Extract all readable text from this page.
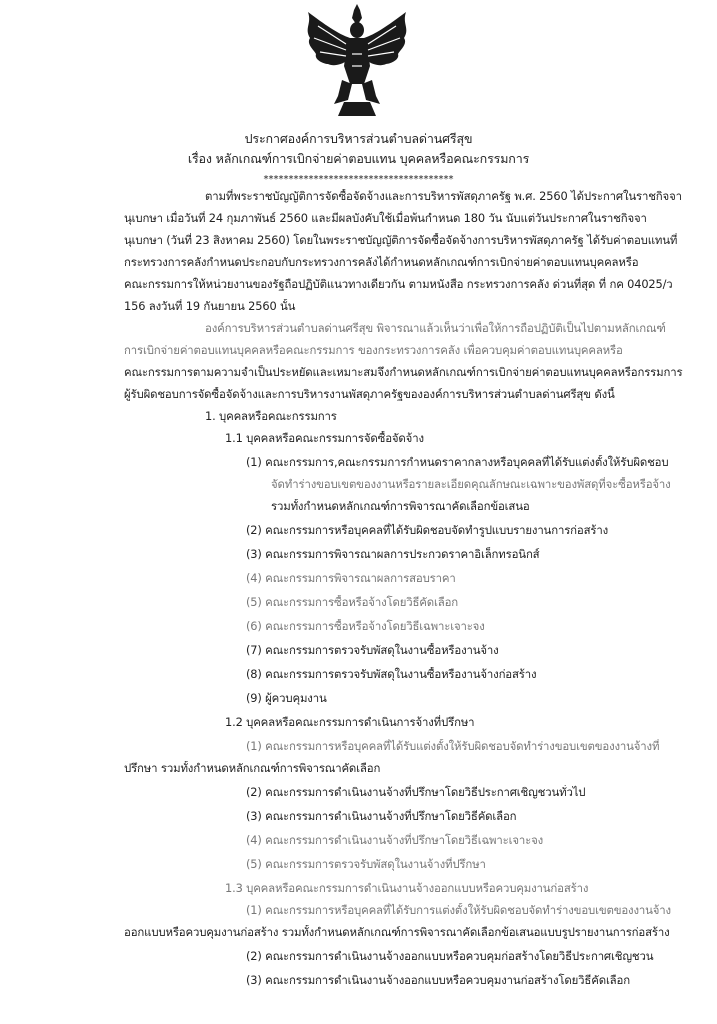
ประกาศองค์การบริหารส่วนตำบลด่านศรีสุข
เรื่อง หลักเกณฑ์การเบิกจ่ายค่าตอบแทน บุคคลหรือคณะกรรมการ
**************************************
ตามที่พระราชบัญญัติการจัดซื้อจัดจ้างและการบริหารพัสดุภาครัฐ พ.ศ. 2560 ได้ประกาศในราชกิจจา
นุเบกษา เมื่อวันที่ 24 กุมภาพันธ์ 2560 และมีผลบังคับใช้เมื่อพ้นกำหนด 180 วัน นับแต่วันประกาศในราชกิจจา
นุเบกษา (วันที่ 23 สิงหาคม 2560) โดยในพระราชบัญญัติการจัดซื้อจัดจ้างการบริหารพัสดุภาครัฐ ได้รับค่าตอบแทนที่
กระทรวงการคลังกำหนดประกอบกับกระทรวงการคลังได้กำหนดหลักเกณฑ์การเบิกจ่ายค่าตอบแทนบุคคลหรือ
คณะกรรมการให้หน่วยงานของรัฐถือปฏิบัติแนวทางเดียวกัน ตามหนังสือ กระทรวงการคลัง ด่วนที่สุด ที่ กค 04025/ว
156 ลงวันที่ 19 กันยายน 2560 นั้น
องค์การบริหารส่วนตำบลด่านศรีสุข พิจารณาแล้วเห็นว่าเพื่อให้การถือปฏิบัติเป็นไปตามหลักเกณฑ์
การเบิกจ่ายค่าตอบแทนบุคคลหรือคณะกรรมการ ของกระทรวงการคลัง เพื่อควบคุมค่าตอบแทนบุคคลหรือ
คณะกรรมการตามความจำเป็นประหยัดและเหมาะสมจึงกำหนดหลักเกณฑ์การเบิกจ่ายค่าตอบแทนบุคคลหรือกรรมการ
ผู้รับผิดชอบการจัดซื้อจัดจ้างและการบริหารงานพัสดุภาครัฐขององค์การบริหารส่วนตำบลด่านศรีสุข ดังนี้
1. บุคคลหรือคณะกรรมการ
1.1 บุคคลหรือคณะกรรมการจัดซื้อจัดจ้าง
(1) คณะกรรมการ,คณะกรรมการกำหนดราคากลางหรือบุคคลที่ได้รับแต่งตั้งให้รับผิดชอบ
จัดทำร่างขอบเขตของงานหรือรายละเอียดคุณลักษณะเฉพาะของพัสดุที่จะซื้อหรือจ้าง
รวมทั้งกำหนดหลักเกณฑ์การพิจารณาคัดเลือกข้อเสนอ
(2) คณะกรรมการหรือบุคคลที่ได้รับผิดชอบจัดทำรูปแบบรายงานการก่อสร้าง
(3) คณะกรรมการพิจารณาผลการประกวดราคาอิเล็กทรอนิกส์
(4) คณะกรรมการพิจารณาผลการสอบราคา
(5) คณะกรรมการซื้อหรือจ้างโดยวิธีคัดเลือก
(6) คณะกรรมการซื้อหรือจ้างโดยวิธีเฉพาะเจาะจง
(7) คณะกรรมการตรวจรับพัสดุในงานซื้อหรืองานจ้าง
(8) คณะกรรมการตรวจรับพัสดุในงานซื้อหรืองานจ้างก่อสร้าง
(9) ผู้ควบคุมงาน
1.2 บุคคลหรือคณะกรรมการดำเนินการจ้างที่ปรึกษา
(1) คณะกรรมการหรือบุคคลที่ได้รับแต่งตั้งให้รับผิดชอบจัดทำร่างขอบเขตของงานจ้างที่
ปรึกษา รวมทั้งกำหนดหลักเกณฑ์การพิจารณาคัดเลือก
(2) คณะกรรมการดำเนินงานจ้างที่ปรึกษาโดยวิธีประกาศเชิญชวนทั่วไป
(3) คณะกรรมการดำเนินงานจ้างที่ปรึกษาโดยวิธีคัดเลือก
(4) คณะกรรมการดำเนินงานจ้างที่ปรึกษาโดยวิธีเฉพาะเจาะจง
(5) คณะกรรมการตรวจรับพัสดุในงานจ้างที่ปรึกษา
1.3 บุคคลหรือคณะกรรมการดำเนินงานจ้างออกแบบหรือควบคุมงานก่อสร้าง
(1) คณะกรรมการหรือบุคคลที่ได้รับการแต่งตั้งให้รับผิดชอบจัดทำร่างขอบเขตของงานจ้าง
ออกแบบหรือควบคุมงานก่อสร้าง รวมทั้งกำหนดหลักเกณฑ์การพิจารณาคัดเลือกข้อเสนอแบบรูปรายงานการก่อสร้าง
(2) คณะกรรมการดำเนินงานจ้างออกแบบหรือควบคุมก่อสร้างโดยวิธีประกาศเชิญชวน
(3) คณะกรรมการดำเนินงานจ้างออกแบบหรือควบคุมงานก่อสร้างโดยวิธีคัดเลือก
